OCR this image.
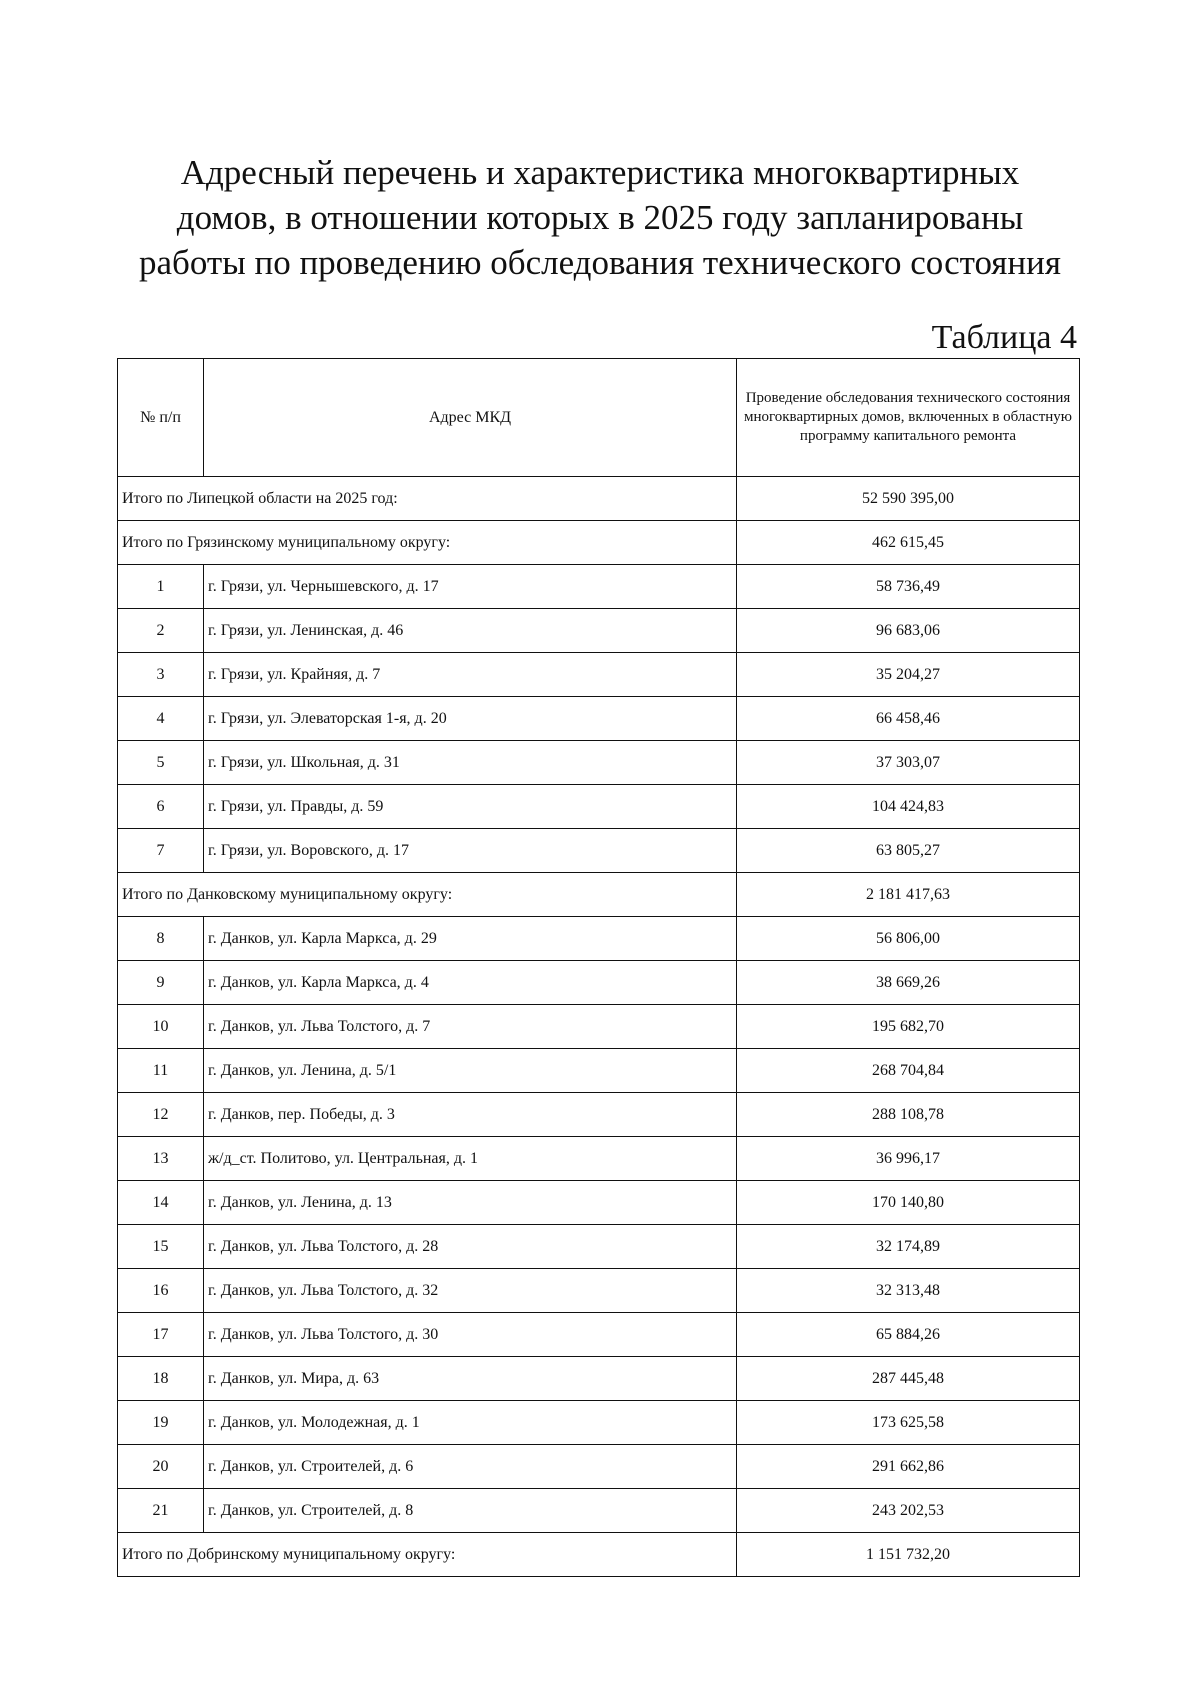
Адресный перечень и характеристика многоквартирных
домов, в отношении которых в 2025 году запланированы
работы по проведению обследования технического состояния
Таблица 4
№ п/п	Адрес МКД	Проведение обследования технического состояния многоквартирных домов, включенных в областную программу капитального ремонта
Итого по Липецкой области на 2025 год:		52 590 395,00
Итого по Грязинскому муниципальному округу:		462 615,45
1	г. Грязи, ул. Чернышевского, д. 17	58 736,49
2	г. Грязи, ул. Ленинская, д. 46	96 683,06
3	г. Грязи, ул. Крайняя, д. 7	35 204,27
4	г. Грязи, ул. Элеваторская 1-я, д. 20	66 458,46
5	г. Грязи, ул. Школьная, д. 31	37 303,07
6	г. Грязи, ул. Правды, д. 59	104 424,83
7	г. Грязи, ул. Воровского, д. 17	63 805,27
Итого по Данковскому муниципальному округу:		2 181 417,63
8	г. Данков, ул. Карла Маркса, д. 29	56 806,00
9	г. Данков, ул. Карла Маркса, д. 4	38 669,26
10	г. Данков, ул. Льва Толстого, д. 7	195 682,70
11	г. Данков, ул. Ленина, д. 5/1	268 704,84
12	г. Данков, пер. Победы, д. 3	288 108,78
13	ж/д_ст. Политово, ул. Центральная, д. 1	36 996,17
14	г. Данков, ул. Ленина, д. 13	170 140,80
15	г. Данков, ул. Льва Толстого, д. 28	32 174,89
16	г. Данков, ул. Льва Толстого, д. 32	32 313,48
17	г. Данков, ул. Льва Толстого, д. 30	65 884,26
18	г. Данков, ул. Мира, д. 63	287 445,48
19	г. Данков, ул. Молодежная, д. 1	173 625,58
20	г. Данков, ул. Строителей, д. 6	291 662,86
21	г. Данков, ул. Строителей, д. 8	243 202,53
Итого по Добринскому муниципальному округу:		1 151 732,20
